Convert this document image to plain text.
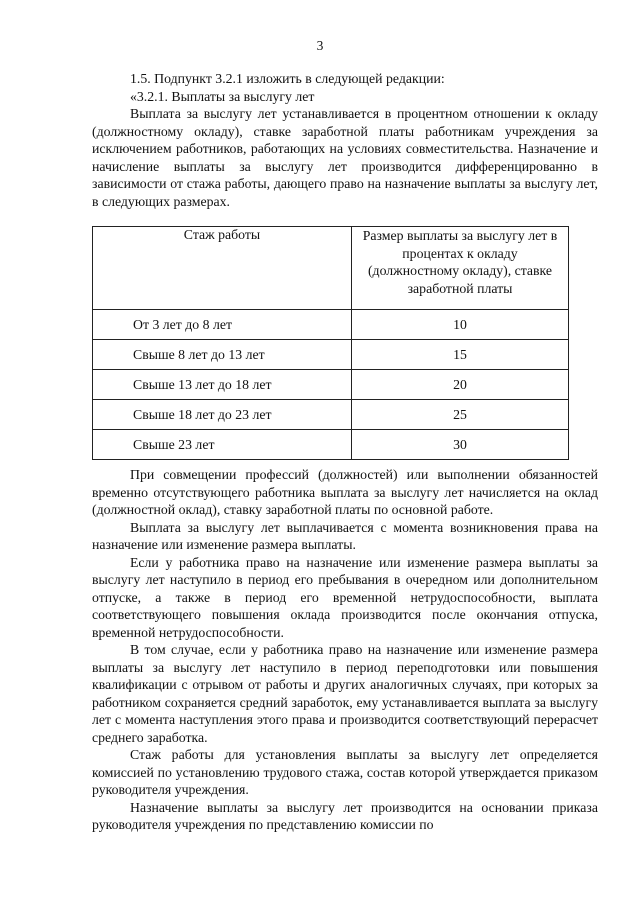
3

1.5. Подпункт 3.2.1 изложить в следующей редакции:

«3.2.1. Выплаты за выслугу лет

Выплата за выслугу лет устанавливается в процентном отношении к окладу (должностному окладу), ставке заработной платы работникам учреждения за исключением работников, работающих на условиях совместительства. Назначение и начисление выплаты за выслугу лет производится дифференцированно в зависимости от стажа работы, дающего право на назначение выплаты за выслугу лет, в следующих размерах.

Стаж работы	Размер выплаты за выслугу лет в процентах к окладу (должностному окладу), ставке заработной платы

От 3 лет до 8 лет	10
Свыше 8 лет до 13 лет	15
Свыше 13 лет до 18 лет	20
Свыше 18 лет до 23 лет	25
Свыше 23 лет	30

При совмещении профессий (должностей) или выполнении обязанностей временно отсутствующего работника выплата за выслугу лет начисляется на оклад (должностной оклад), ставку заработной платы по основной работе.

Выплата за выслугу лет выплачивается с момента возникновения права на назначение или изменение размера выплаты.

Если у работника право на назначение или изменение размера выплаты за выслугу лет наступило в период его пребывания в очередном или дополнительном отпуске, а также в период его временной нетрудоспособности, выплата соответствующего повышения оклада производится после окончания отпуска, временной нетрудоспособности.

В том случае, если у работника право на назначение или изменение размера выплаты за выслугу лет наступило в период переподготовки или повышения квалификации с отрывом от работы и других аналогичных случаях, при которых за работником сохраняется средний заработок, ему устанавливается выплата за выслугу лет с момента наступления этого права и производится соответствующий перерасчет среднего заработка.

Стаж работы для установления выплаты за выслугу лет определяется комиссией по установлению трудового стажа, состав которой утверждается приказом руководителя учреждения.

Назначение выплаты за выслугу лет производится на основании приказа руководителя учреждения по представлению комиссии по
